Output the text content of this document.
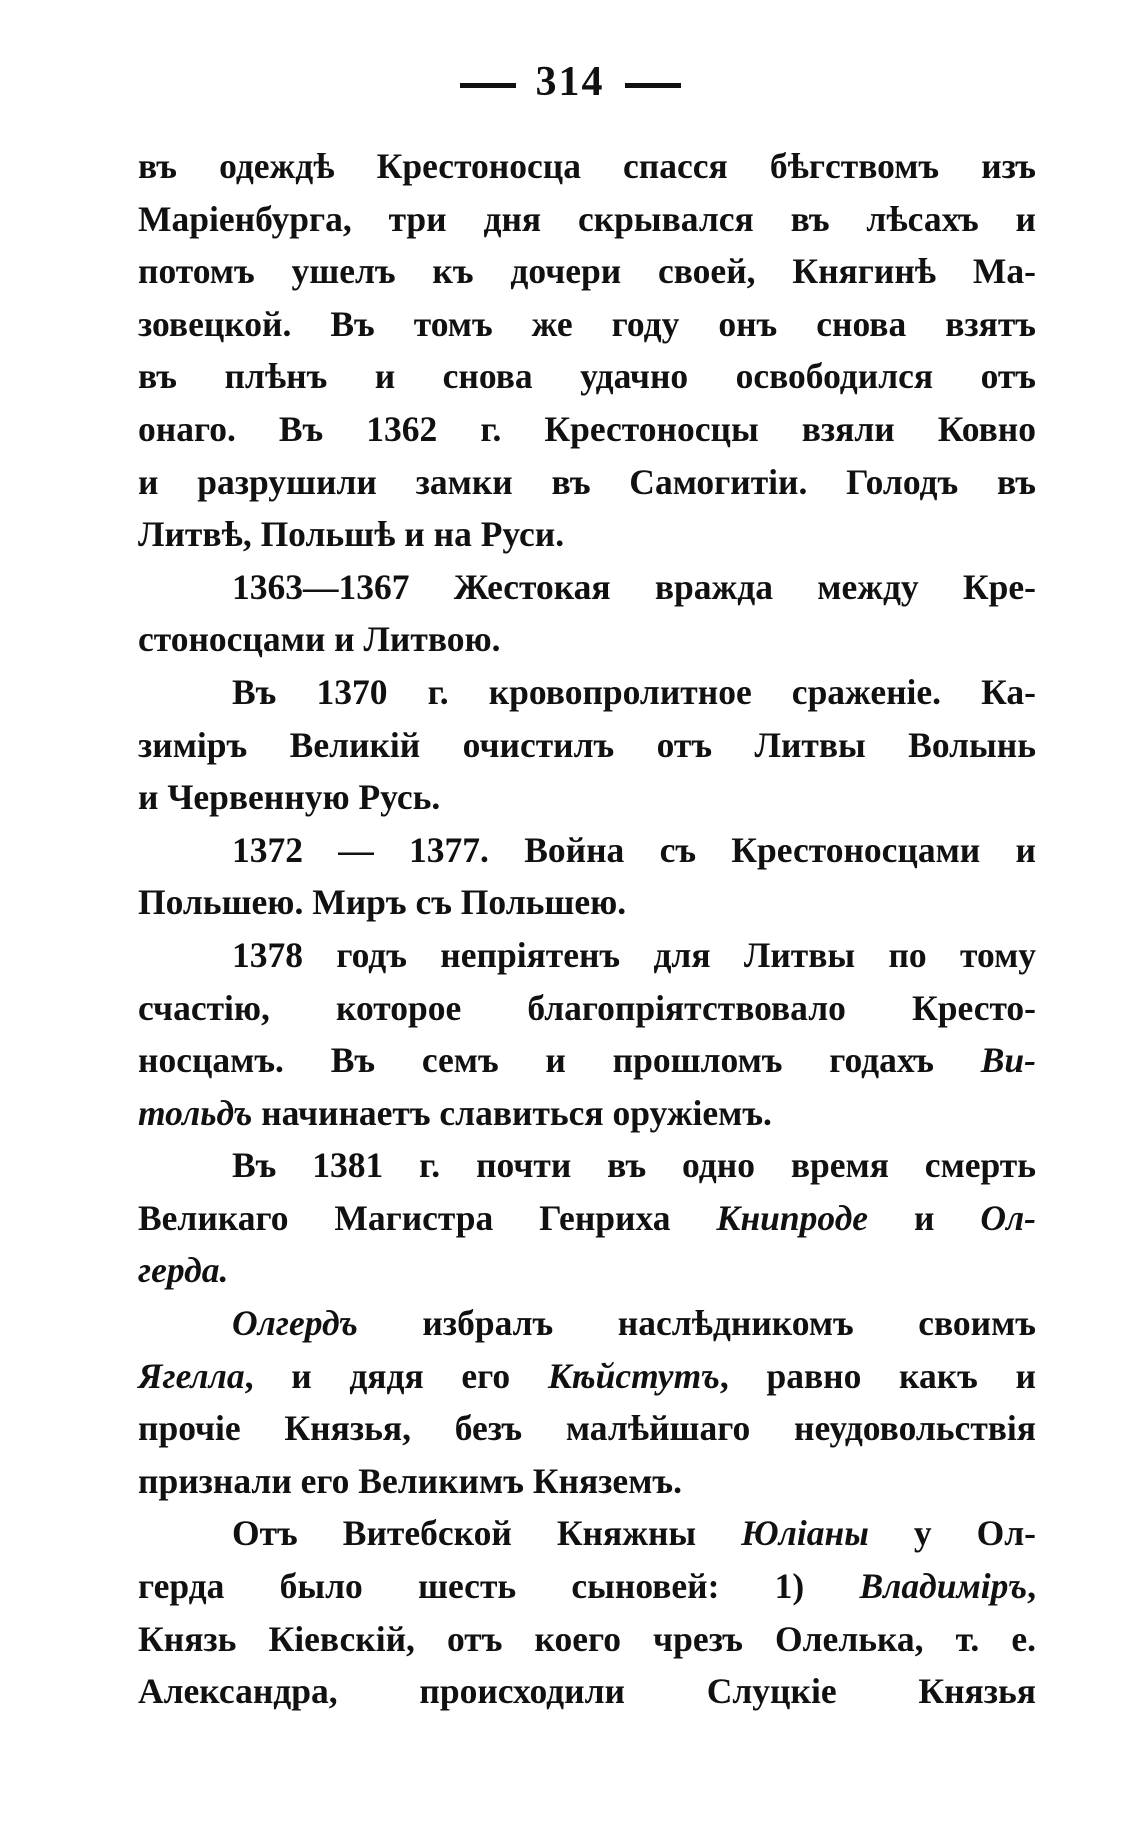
314
въ одеждѣ Крестоносца спасся бѣгствомъ изъ
Маріенбурга, три дня скрывался въ лѣсахъ и
потомъ ушелъ къ дочери своей, Княгинѣ Ма-
зовецкой. Въ томъ же году онъ снова взятъ
въ плѣнъ и снова удачно освободился отъ
онаго. Въ 1362 г. Крестоносцы взяли Ковно
и разрушили замки въ Самогитіи. Голодъ въ
Литвѣ, Польшѣ и на Руси.
1363—1367 Жестокая вражда между Кре-
стоносцами и Литвою.
Въ 1370 г. кровопролитное сраженіе. Ка-
зиміръ Великій очистилъ отъ Литвы Волынь
и Червенную Русь.
1372 — 1377. Война съ Крестоносцами и
Польшею. Миръ съ Польшею.
1378 годъ непріятенъ для Литвы по тому
счастію, которое благопріятствовало Кресто-
носцамъ. Въ семъ и прошломъ годахъ Ви-
тольдъ начинаетъ славиться оружіемъ.
Въ 1381 г. почти въ одно время смерть
Великаго Магистра Генриха Книпроде и Ол-
герда.
Олгердъ избралъ наслѣдникомъ своимъ
Ягелла, и дядя его Кѣйстутъ, равно какъ и
прочіе Князья, безъ малѣйшаго неудовольствія
признали его Великимъ Княземъ.
Отъ Витебской Княжны Юліаны у Ол-
герда было шесть сыновей: 1) Владиміръ,
Князь Кіевскій, отъ коего чрезъ Олелька, т. е.
Александра, происходили Слуцкіе Князья
